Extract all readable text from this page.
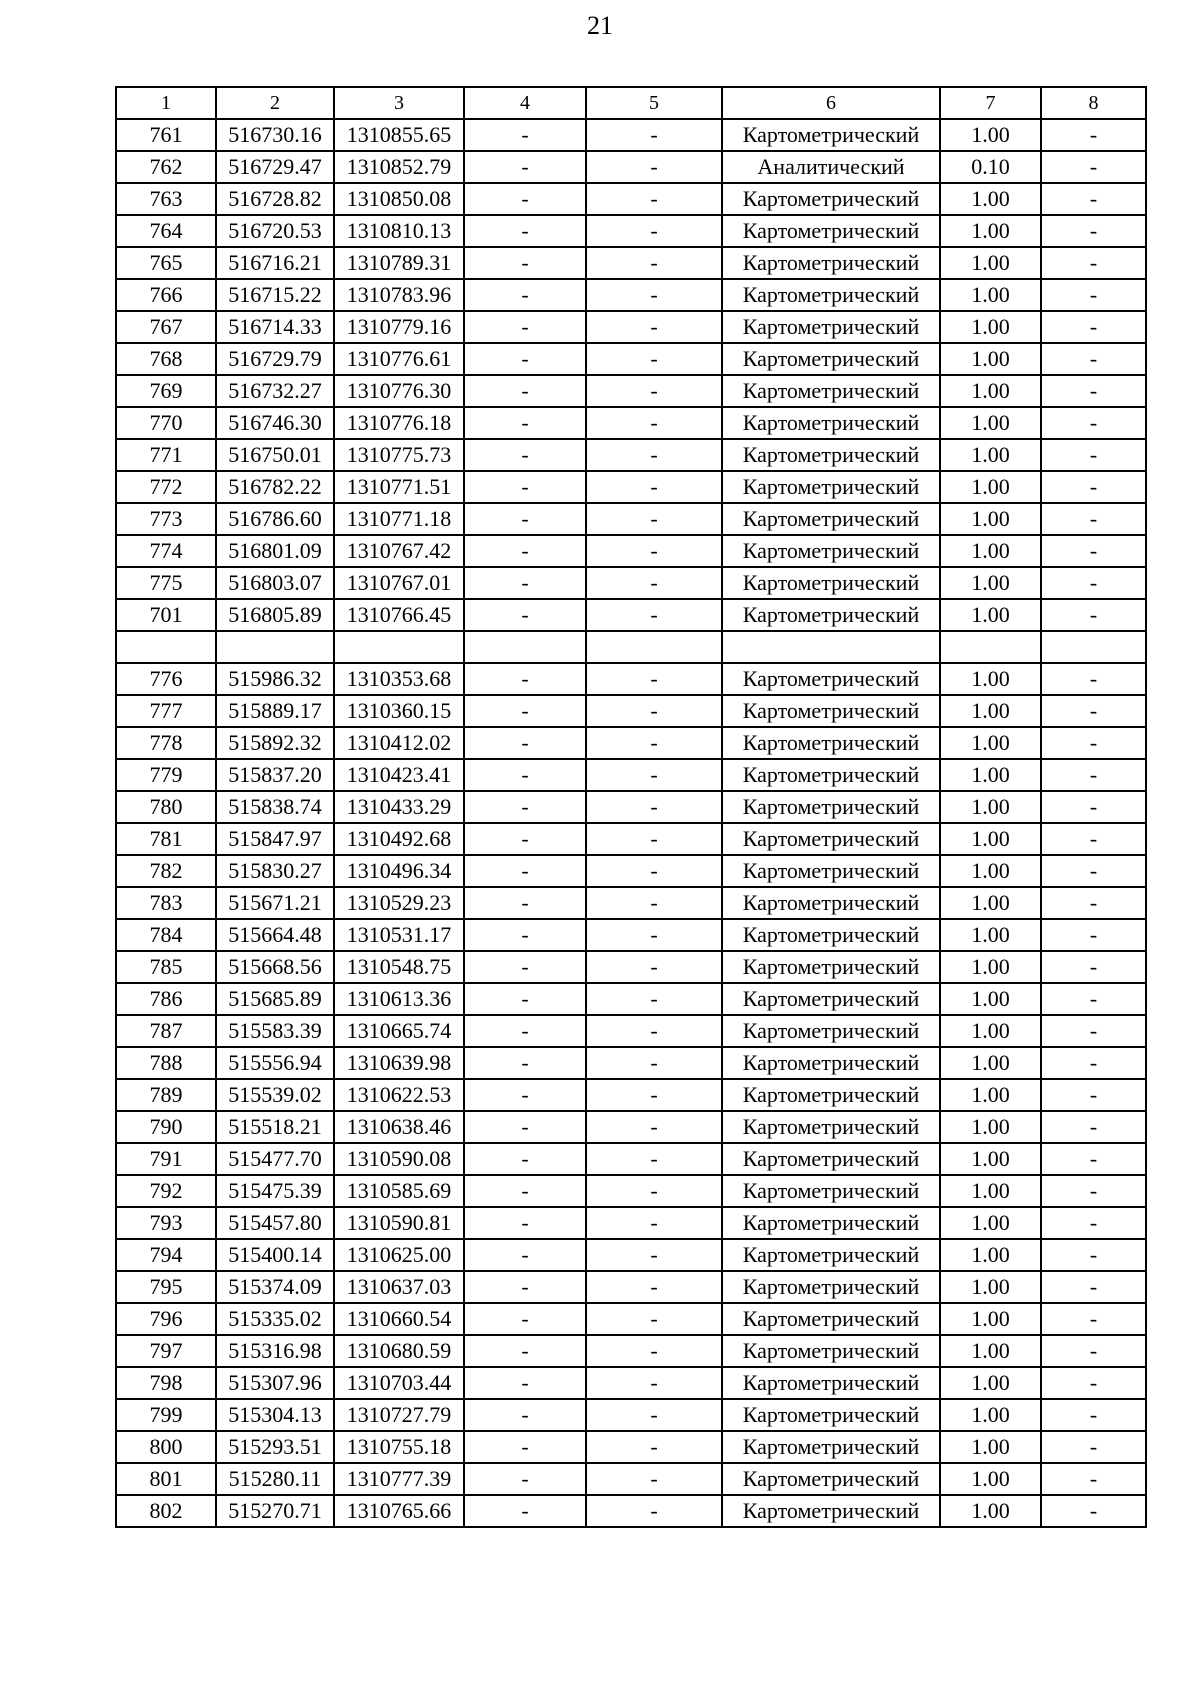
21
1	2	3	4	5	6	7	8
761	516730.16	1310855.65	-	-	Картометрический	1.00	-
762	516729.47	1310852.79	-	-	Аналитический	0.10	-
763	516728.82	1310850.08	-	-	Картометрический	1.00	-
764	516720.53	1310810.13	-	-	Картометрический	1.00	-
765	516716.21	1310789.31	-	-	Картометрический	1.00	-
766	516715.22	1310783.96	-	-	Картометрический	1.00	-
767	516714.33	1310779.16	-	-	Картометрический	1.00	-
768	516729.79	1310776.61	-	-	Картометрический	1.00	-
769	516732.27	1310776.30	-	-	Картометрический	1.00	-
770	516746.30	1310776.18	-	-	Картометрический	1.00	-
771	516750.01	1310775.73	-	-	Картометрический	1.00	-
772	516782.22	1310771.51	-	-	Картометрический	1.00	-
773	516786.60	1310771.18	-	-	Картометрический	1.00	-
774	516801.09	1310767.42	-	-	Картометрический	1.00	-
775	516803.07	1310767.01	-	-	Картометрический	1.00	-
701	516805.89	1310766.45	-	-	Картометрический	1.00	-

776	515986.32	1310353.68	-	-	Картометрический	1.00	-
777	515889.17	1310360.15	-	-	Картометрический	1.00	-
778	515892.32	1310412.02	-	-	Картометрический	1.00	-
779	515837.20	1310423.41	-	-	Картометрический	1.00	-
780	515838.74	1310433.29	-	-	Картометрический	1.00	-
781	515847.97	1310492.68	-	-	Картометрический	1.00	-
782	515830.27	1310496.34	-	-	Картометрический	1.00	-
783	515671.21	1310529.23	-	-	Картометрический	1.00	-
784	515664.48	1310531.17	-	-	Картометрический	1.00	-
785	515668.56	1310548.75	-	-	Картометрический	1.00	-
786	515685.89	1310613.36	-	-	Картометрический	1.00	-
787	515583.39	1310665.74	-	-	Картометрический	1.00	-
788	515556.94	1310639.98	-	-	Картометрический	1.00	-
789	515539.02	1310622.53	-	-	Картометрический	1.00	-
790	515518.21	1310638.46	-	-	Картометрический	1.00	-
791	515477.70	1310590.08	-	-	Картометрический	1.00	-
792	515475.39	1310585.69	-	-	Картометрический	1.00	-
793	515457.80	1310590.81	-	-	Картометрический	1.00	-
794	515400.14	1310625.00	-	-	Картометрический	1.00	-
795	515374.09	1310637.03	-	-	Картометрический	1.00	-
796	515335.02	1310660.54	-	-	Картометрический	1.00	-
797	515316.98	1310680.59	-	-	Картометрический	1.00	-
798	515307.96	1310703.44	-	-	Картометрический	1.00	-
799	515304.13	1310727.79	-	-	Картометрический	1.00	-
800	515293.51	1310755.18	-	-	Картометрический	1.00	-
801	515280.11	1310777.39	-	-	Картометрический	1.00	-
802	515270.71	1310765.66	-	-	Картометрический	1.00	-
